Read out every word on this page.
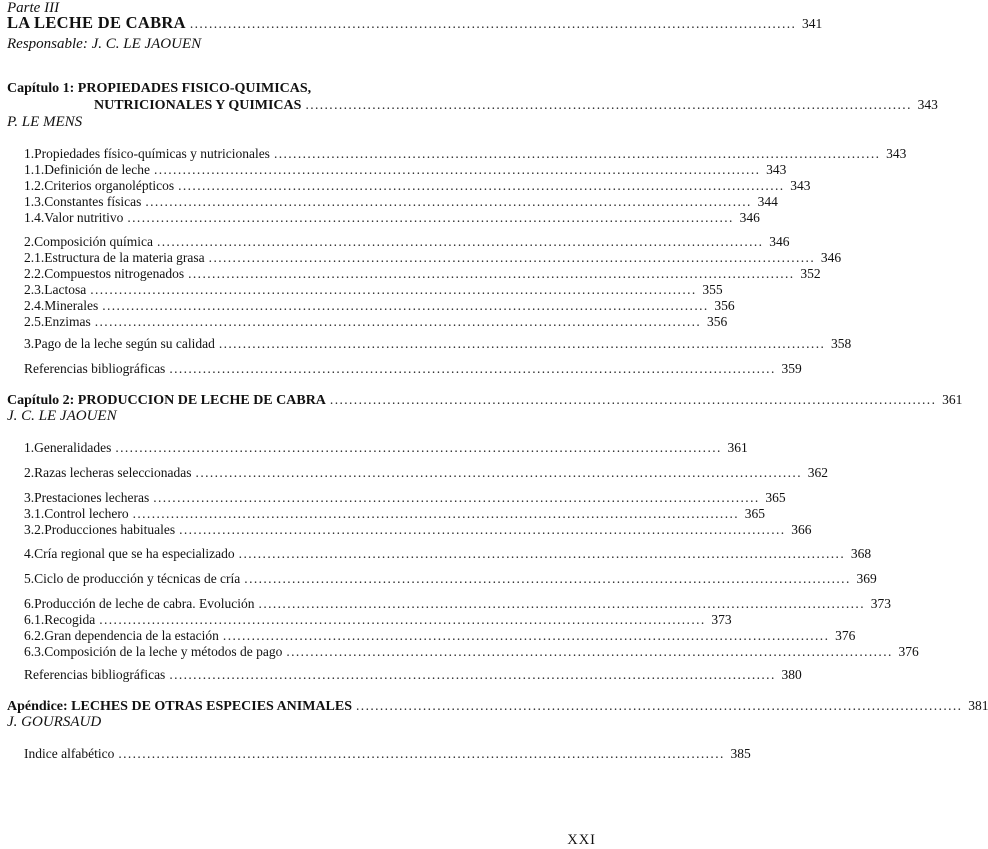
Parte III
LA LECHE DE CABRA ............................................................................................................................... 341
Responsable: J. C. LE JAOUEN
Capítulo 1: PROPIEDADES FISICO-QUIMICAS,
NUTRICIONALES Y QUIMICAS ............................................................................................................................... 343
P. LE MENS
1. Propiedades físico-químicas y nutricionales ............................................................................................................................... 343
1.1. Definición de leche ............................................................................................................................... 343
1.2. Criterios organolépticos ............................................................................................................................... 343
1.3. Constantes físicas ............................................................................................................................... 344
1.4. Valor nutritivo ............................................................................................................................... 346
2. Composición química ............................................................................................................................... 346
2.1. Estructura de la materia grasa ............................................................................................................................... 346
2.2. Compuestos nitrogenados ............................................................................................................................... 352
2.3. Lactosa ............................................................................................................................... 355
2.4. Minerales ............................................................................................................................... 356
2.5. Enzimas ............................................................................................................................... 356
3. Pago de la leche según su calidad ............................................................................................................................... 358
Referencias bibliográficas ............................................................................................................................... 359
Capítulo 2: PRODUCCION DE LECHE DE CABRA ............................................................................................................................... 361
J. C. LE JAOUEN
1. Generalidades ............................................................................................................................... 361
2. Razas lecheras seleccionadas ............................................................................................................................... 362
3. Prestaciones lecheras ............................................................................................................................... 365
3.1. Control lechero ............................................................................................................................... 365
3.2. Producciones habituales ............................................................................................................................... 366
4. Cría regional que se ha especializado ............................................................................................................................... 368
5. Ciclo de producción y técnicas de cría ............................................................................................................................... 369
6. Producción de leche de cabra. Evolución ............................................................................................................................... 373
6.1. Recogida ............................................................................................................................... 373
6.2. Gran dependencia de la estación ............................................................................................................................... 376
6.3. Composición de la leche y métodos de pago ............................................................................................................................... 376
Referencias bibliográficas ............................................................................................................................... 380
Apéndice: LECHES DE OTRAS ESPECIES ANIMALES ............................................................................................................................... 381
J. GOURSAUD
Indice alfabético ............................................................................................................................... 385
XXI
